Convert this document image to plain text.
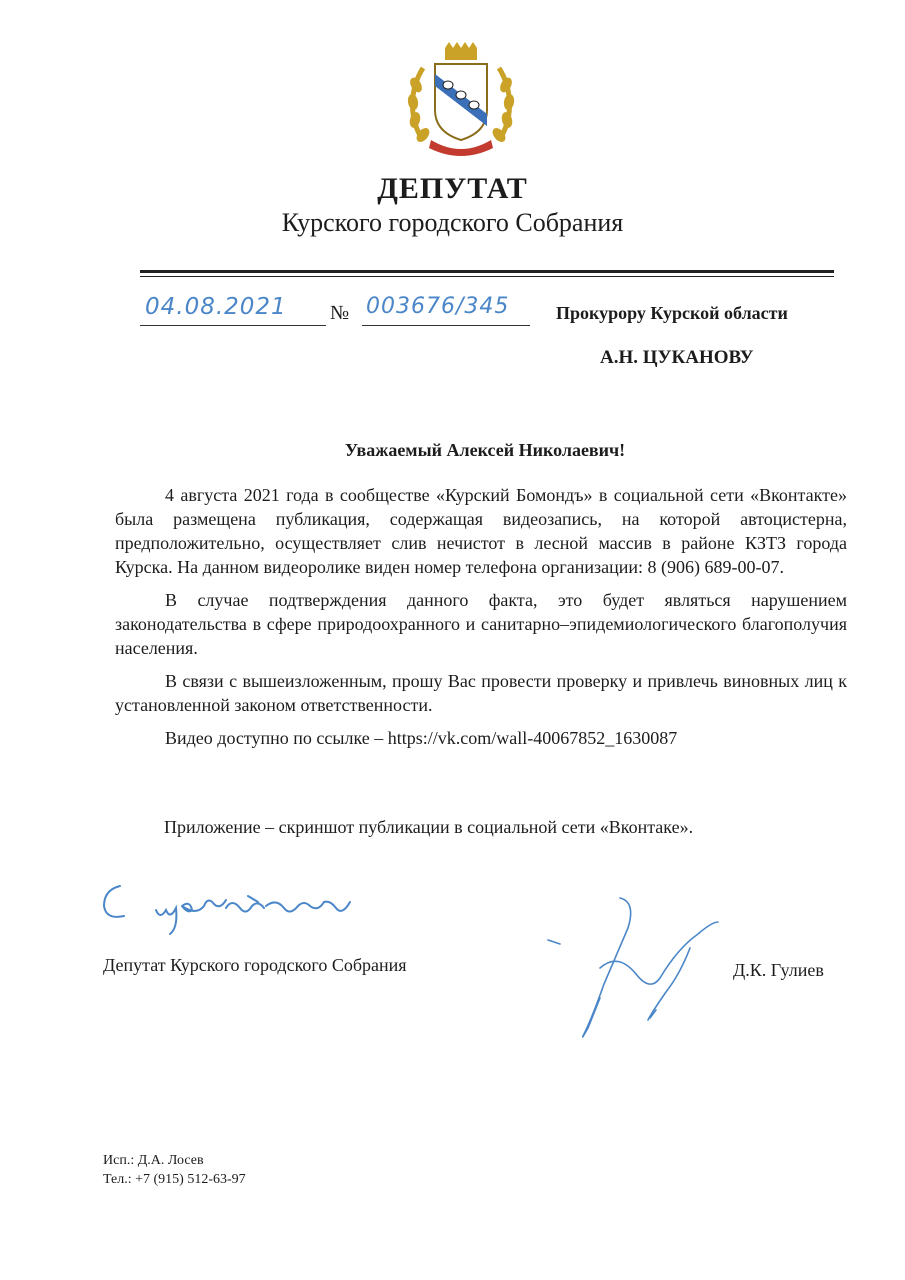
ДЕПУТАТ
Курского городского Собрания
04.08.2021 № 003676/345	Прокурору Курской области
А.Н. ЦУКАНОВУ
Уважаемый Алексей Николаевич!

4 августа 2021 года в сообществе «Курский Бомондъ» в социальной сети «Вконтакте» была размещена публикация, содержащая видеозапись, на которой автоцистерна, предположительно, осуществляет слив нечистот в лесной массив в районе КЗТЗ города Курска. На данном видеоролике виден номер телефона организации: 8 (906) 689-00-07.

В случае подтверждения данного факта, это будет являться нарушением законодательства в сфере природоохранного и санитарно–эпидемиологического благополучия населения.

В связи с вышеизложенным, прошу Вас провести проверку и привлечь виновных лиц к установленной законом ответственности.

Видео доступно по ссылке – https://vk.com/wall-40067852_1630087

Приложение – скриншот публикации в социальной сети «Вконтаке».
Депутат Курского городского Собрания	Д.К. Гулиев
Исп.: Д.А. Лосев
Тел.: +7 (915) 512-63-97
